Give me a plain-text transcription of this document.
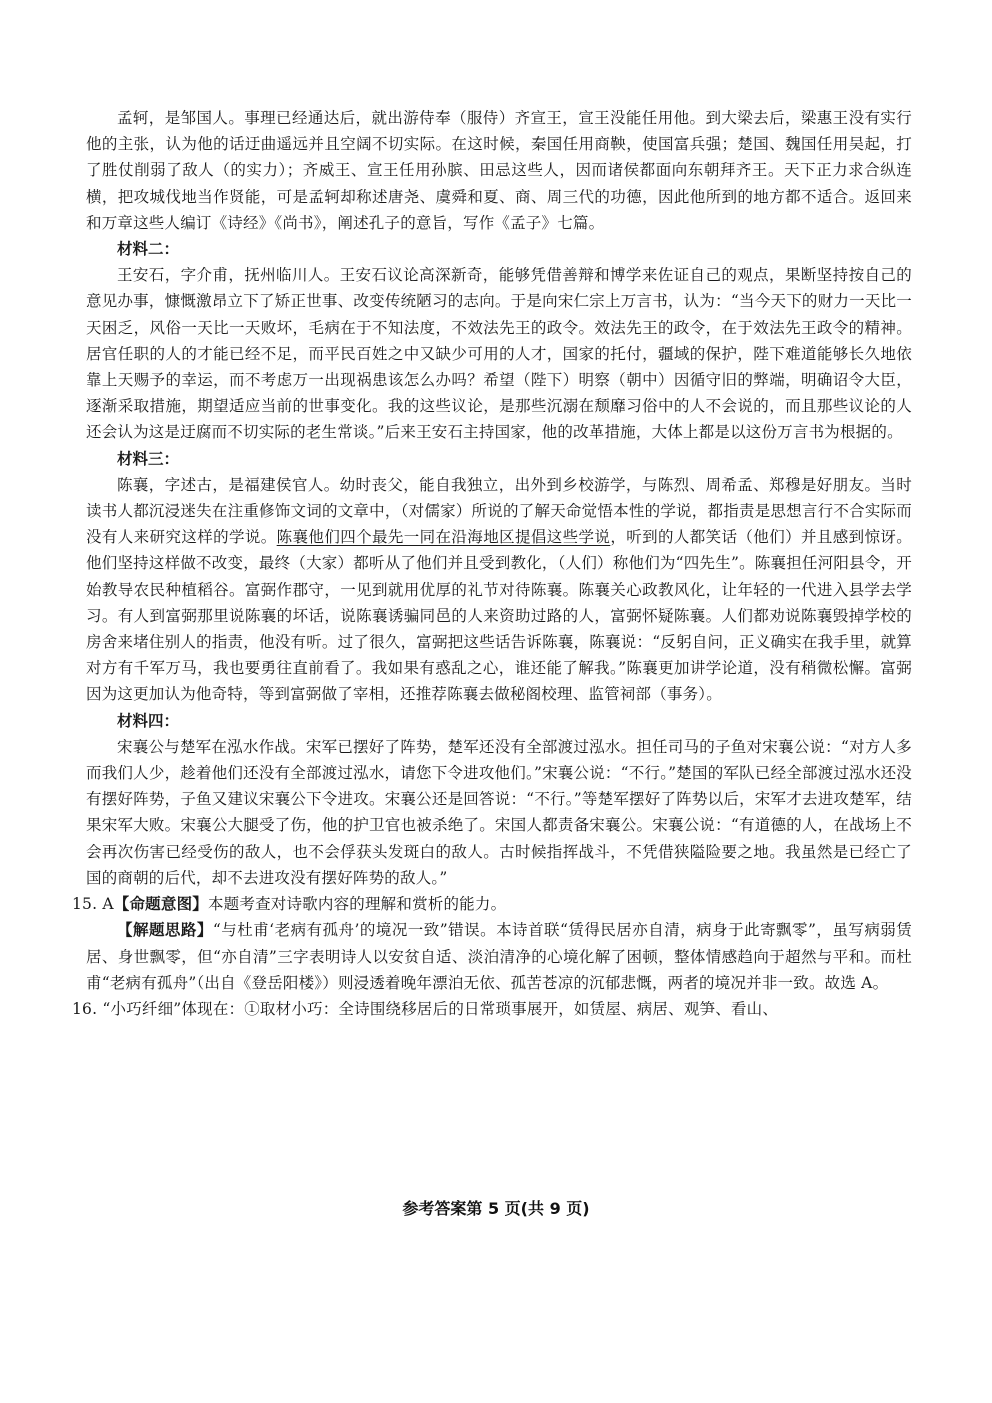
孟轲，是邹国人。事理已经通达后，就出游侍奉（服侍）齐宣王，宣王没能任用他。到大梁去后，梁惠王没有实行他的主张，认为他的话迂曲遥远并且空阔不切实际。在这时候，秦国任用商鞅，使国富兵强；楚国、魏国任用吴起，打了胜仗削弱了敌人（的实力）；齐威王、宣王任用孙膑、田忌这些人，因而诸侯都面向东朝拜齐王。天下正力求合纵连横，把攻城伐地当作贤能，可是孟轲却称述唐尧、虞舜和夏、商、周三代的功德，因此他所到的地方都不适合。返回来和万章这些人编订《诗经》《尚书》，阐述孔子的意旨，写作《孟子》七篇。

材料二：

王安石，字介甫，抚州临川人。王安石议论高深新奇，能够凭借善辩和博学来佐证自己的观点，果断坚持按自己的意见办事，慷慨激昂立下了矫正世事、改变传统陋习的志向。于是向宋仁宗上万言书，认为：“当今天下的财力一天比一天困乏，风俗一天比一天败坏，毛病在于不知法度，不效法先王的政令。效法先王的政令，在于效法先王政令的精神。居官任职的人的才能已经不足，而平民百姓之中又缺少可用的人才，国家的托付，疆域的保护，陛下难道能够长久地依靠上天赐予的幸运，而不考虑万一出现祸患该怎么办吗？希望（陛下）明察（朝中）因循守旧的弊端，明确诏令大臣，逐渐采取措施，期望适应当前的世事变化。我的这些议论，是那些沉溺在颓靡习俗中的人不会说的，而且那些议论的人还会认为这是迂腐而不切实际的老生常谈。”后来王安石主持国家，他的改革措施，大体上都是以这份万言书为根据的。

材料三：

陈襄，字述古，是福建侯官人。幼时丧父，能自我独立，出外到乡校游学，与陈烈、周希孟、郑穆是好朋友。当时读书人都沉浸迷失在注重修饰文词的文章中，（对儒家）所说的了解天命觉悟本性的学说，都指责是思想言行不合实际而没有人来研究这样的学说。陈襄他们四个最先一同在沿海地区提倡这些学说，听到的人都笑话（他们）并且感到惊讶。他们坚持这样做不改变，最终（大家）都听从了他们并且受到教化，（人们）称他们为“四先生”。陈襄担任河阳县令，开始教导农民种植稻谷。富弼作郡守，一见到就用优厚的礼节对待陈襄。陈襄关心政教风化，让年轻的一代进入县学去学习。有人到富弼那里说陈襄的坏话，说陈襄诱骗同邑的人来资助过路的人，富弼怀疑陈襄。人们都劝说陈襄毁掉学校的房舍来堵住别人的指责，他没有听。过了很久，富弼把这些话告诉陈襄，陈襄说：“反躬自问，正义确实在我手里，就算对方有千军万马，我也要勇往直前看了。我如果有惑乱之心，谁还能了解我。”陈襄更加讲学论道，没有稍微松懈。富弼因为这更加认为他奇特，等到富弼做了宰相，还推荐陈襄去做秘阁校理、监管祠部（事务）。

材料四：

宋襄公与楚军在泓水作战。宋军已摆好了阵势，楚军还没有全部渡过泓水。担任司马的子鱼对宋襄公说：“对方人多而我们人少，趁着他们还没有全部渡过泓水，请您下令进攻他们。”宋襄公说：“不行。”楚国的军队已经全部渡过泓水还没有摆好阵势，子鱼又建议宋襄公下令进攻。宋襄公还是回答说：“不行。”等楚军摆好了阵势以后，宋军才去进攻楚军，结果宋军大败。宋襄公大腿受了伤，他的护卫官也被杀绝了。宋国人都责备宋襄公。宋襄公说：“有道德的人，在战场上不会再次伤害已经受伤的敌人，也不会俘获头发斑白的敌人。古时候指挥战斗，不凭借狭隘险要之地。我虽然是已经亡了国的商朝的后代，却不去进攻没有摆好阵势的敌人。”

15. A【命题意图】本题考查对诗歌内容的理解和赏析的能力。

【解题思路】“与杜甫‘老病有孤舟’的境况一致”错误。本诗首联“赁得民居亦自清，病身于此寄飘零”，虽写病弱赁居、身世飘零，但“亦自清”三字表明诗人以安贫自适、淡泊清净的心境化解了困顿，整体情感趋向于超然与平和。而杜甫“老病有孤舟”（出自《登岳阳楼》）则浸透着晚年漂泊无依、孤苦苍凉的沉郁悲慨，两者的境况并非一致。故选 A。

16. “小巧纤细”体现在：①取材小巧：全诗围绕移居后的日常琐事展开，如赁屋、病居、观笋、看山、

参考答案第 5 页(共 9 页)
